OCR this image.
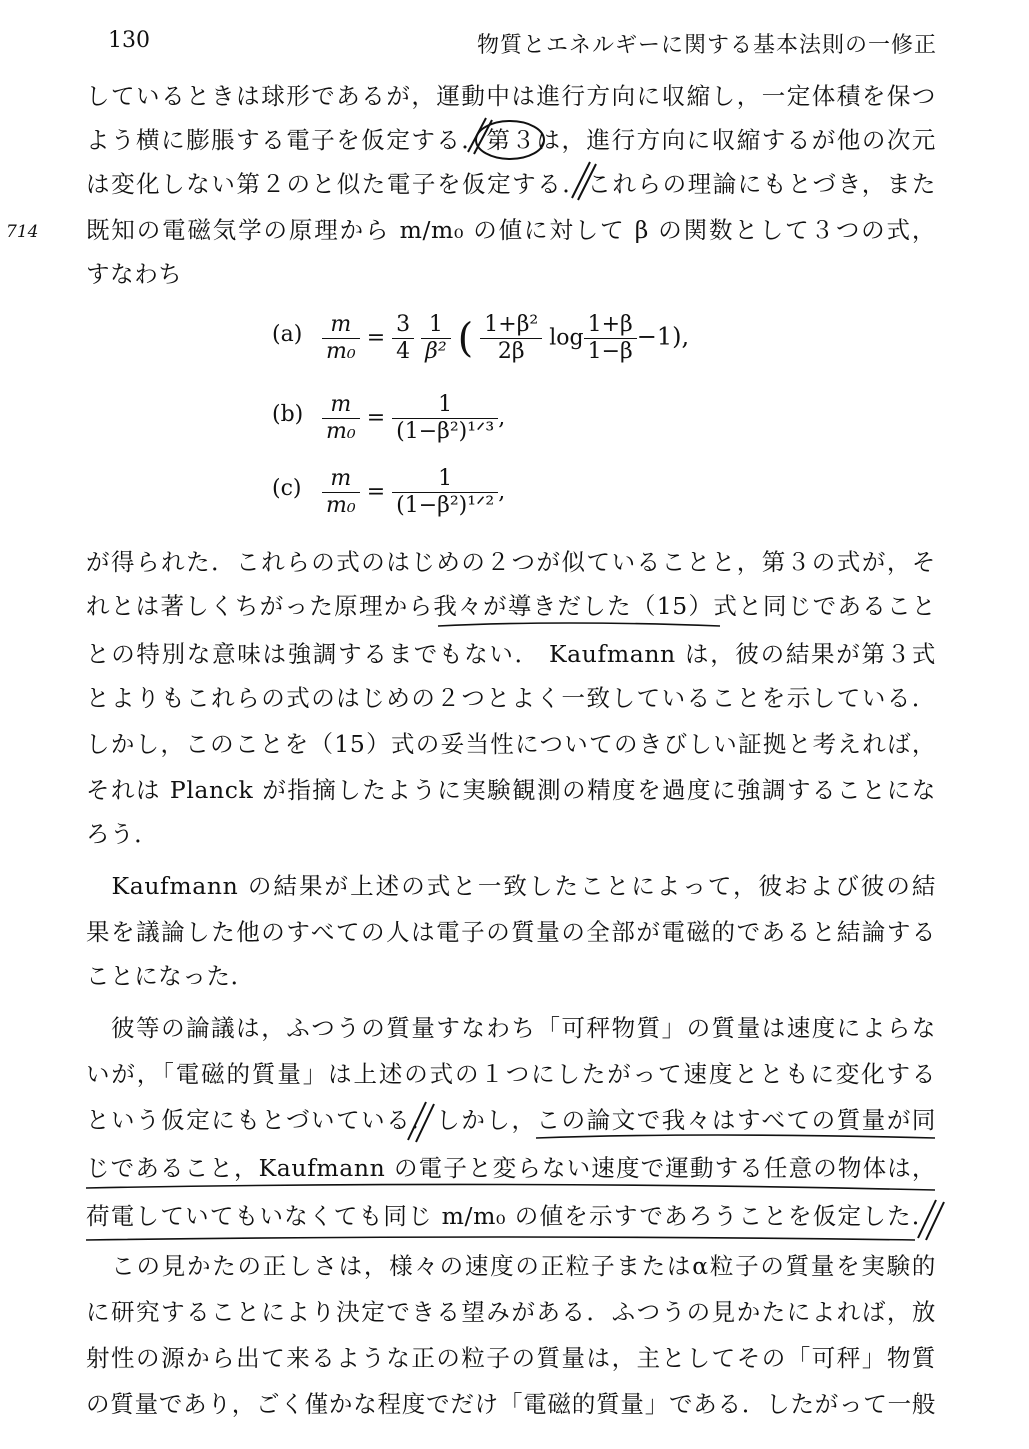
130	物質とエネルギーに関する基本法則の一修正
714
しているときは球形であるが，運動中は進行方向に収縮し，一定体積を保つ
よう横に膨脹する電子を仮定する．第３は，進行方向に収縮するが他の次元
は変化しない第２のと似た電子を仮定する．これらの理論にもとづき，また
既知の電磁気学の原理から m/m₀ の値に対して β の関数として３つの式，
すなわち
$(a) \frac{m}{\text{m₀}} = \frac{3}{4}$
$\frac{1}{\text{β²}}$ ( $\frac{\text{1+β²}}{2\beta}$ $\log \frac{1+\beta}{1-\beta} -1$),
$(b) \frac{m}{\text{m₀}} = \frac{1}{\text{(1−β²)¹ᐟ³}}$ ,
$(c) \frac{m}{\text{m₀}} = \frac{1}{\text{(1−β²)¹ᐟ²}}$ ,
が得られた．これらの式のはじめの２つが似ていることと，第３の式が，そ
れとは著しくちがった原理から我々が導きだした（15）式と同じであること
との特別な意味は強調するまでもない． Kaufmann は，彼の結果が第３式
とよりもこれらの式のはじめの２つとよく一致していることを示している．
しかし，このことを（15）式の妥当性についてのきびしい証拠と考えれば，
それは Planck が指摘したように実験観測の精度を過度に強調することにな
ろう．
　Kaufmann の結果が上述の式と一致したことによって，彼および彼の結
果を議論した他のすべての人は電子の質量の全部が電磁的であると結論する
ことになった．
　彼等の論議は，ふつうの質量すなわち「可秤物質」の質量は速度によらな
いが，「電磁的質量」は上述の式の１つにしたがって速度とともに変化する
という仮定にもとづいている．しかし，この論文で我々はすべての質量が同
じであること，Kaufmann の電子と変らない速度で運動する任意の物体は，
荷電していてもいなくても同じ m/m₀ の値を示すであろうことを仮定した．
　この見かたの正しさは，様々の速度の正粒子またはα粒子の質量を実験的
に研究することにより決定できる望みがある．ふつうの見かたによれば，放
射性の源から出て来るような正の粒子の質量は，主としてその「可秤」物質
の質量であり，ごく僅かな程度でだけ「電磁的質量」である．したがって一般
